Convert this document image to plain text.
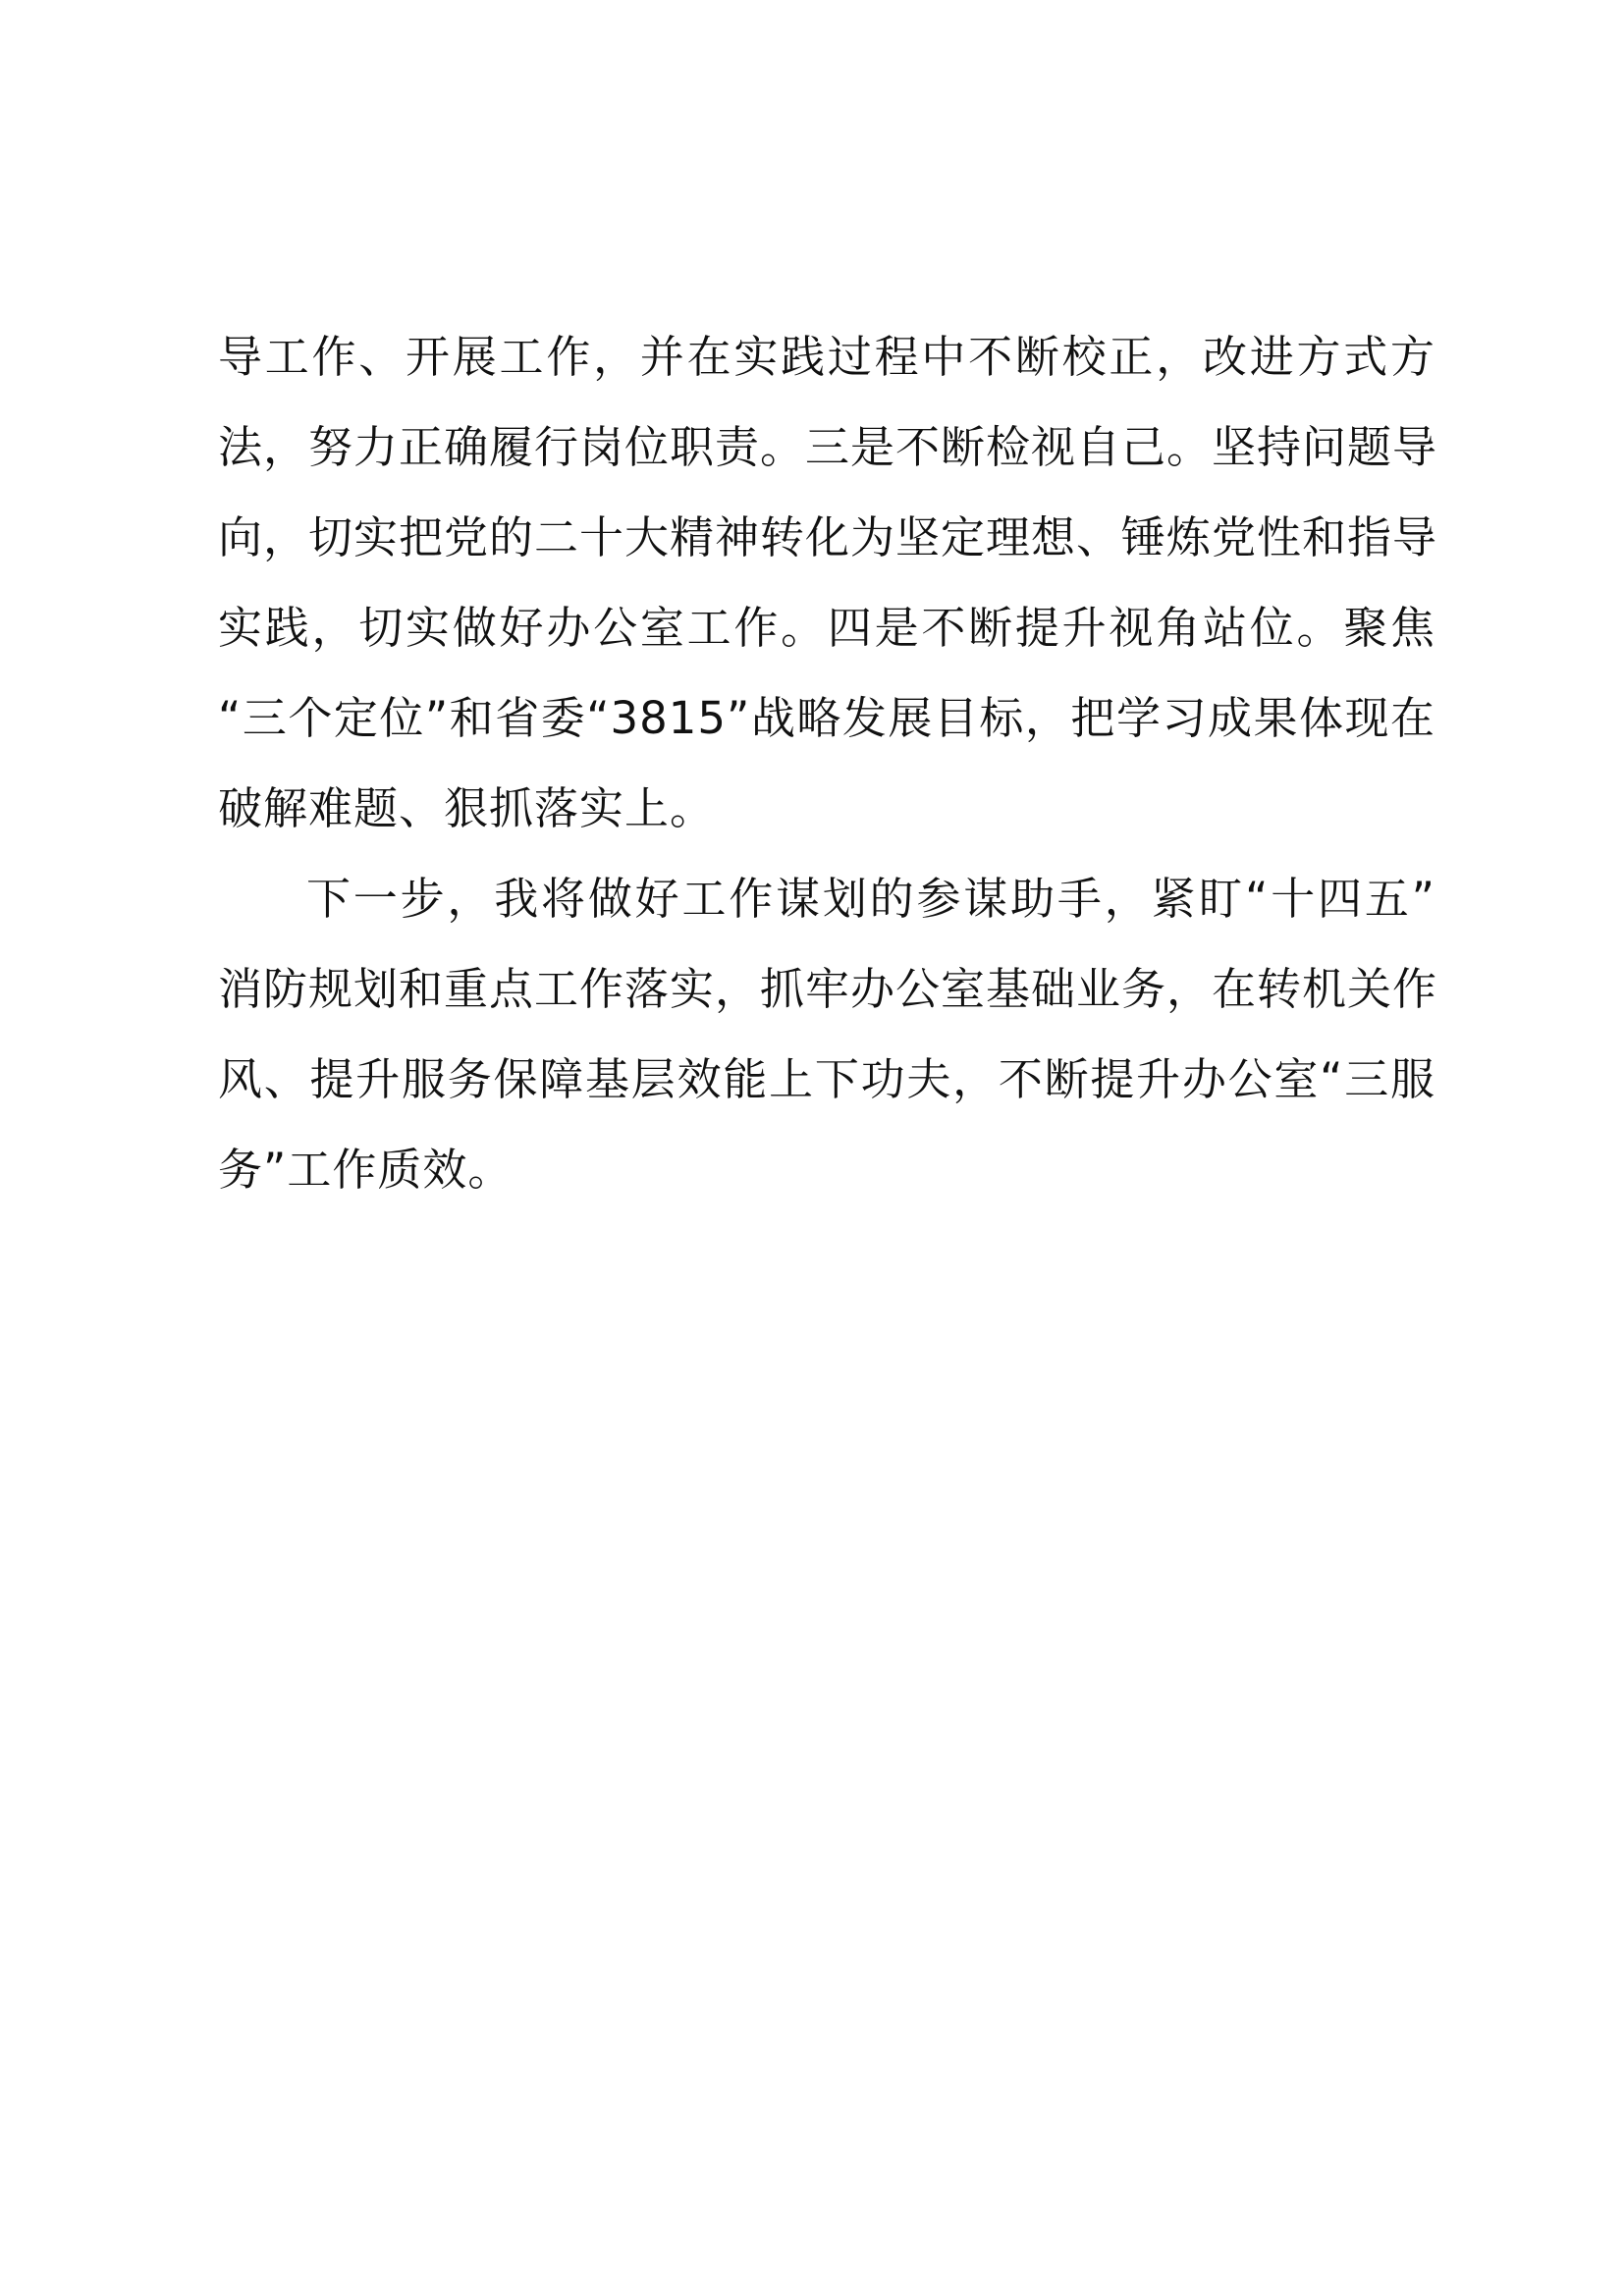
导工作、开展工作，并在实践过程中不断校正，改进方式方
法，努力正确履行岗位职责。三是不断检视自己。坚持问题导
向，切实把党的二十大精神转化为坚定理想、锤炼党性和指导
实践，切实做好办公室工作。四是不断提升视角站位。聚焦
“三个定位”和省委“3815”战略发展目标，把学习成果体现在
破解难题、狠抓落实上。

下一步，我将做好工作谋划的参谋助手，紧盯“十四五”
消防规划和重点工作落实，抓牢办公室基础业务，在转机关作
风、提升服务保障基层效能上下功夫，不断提升办公室“三服
务”工作质效。
